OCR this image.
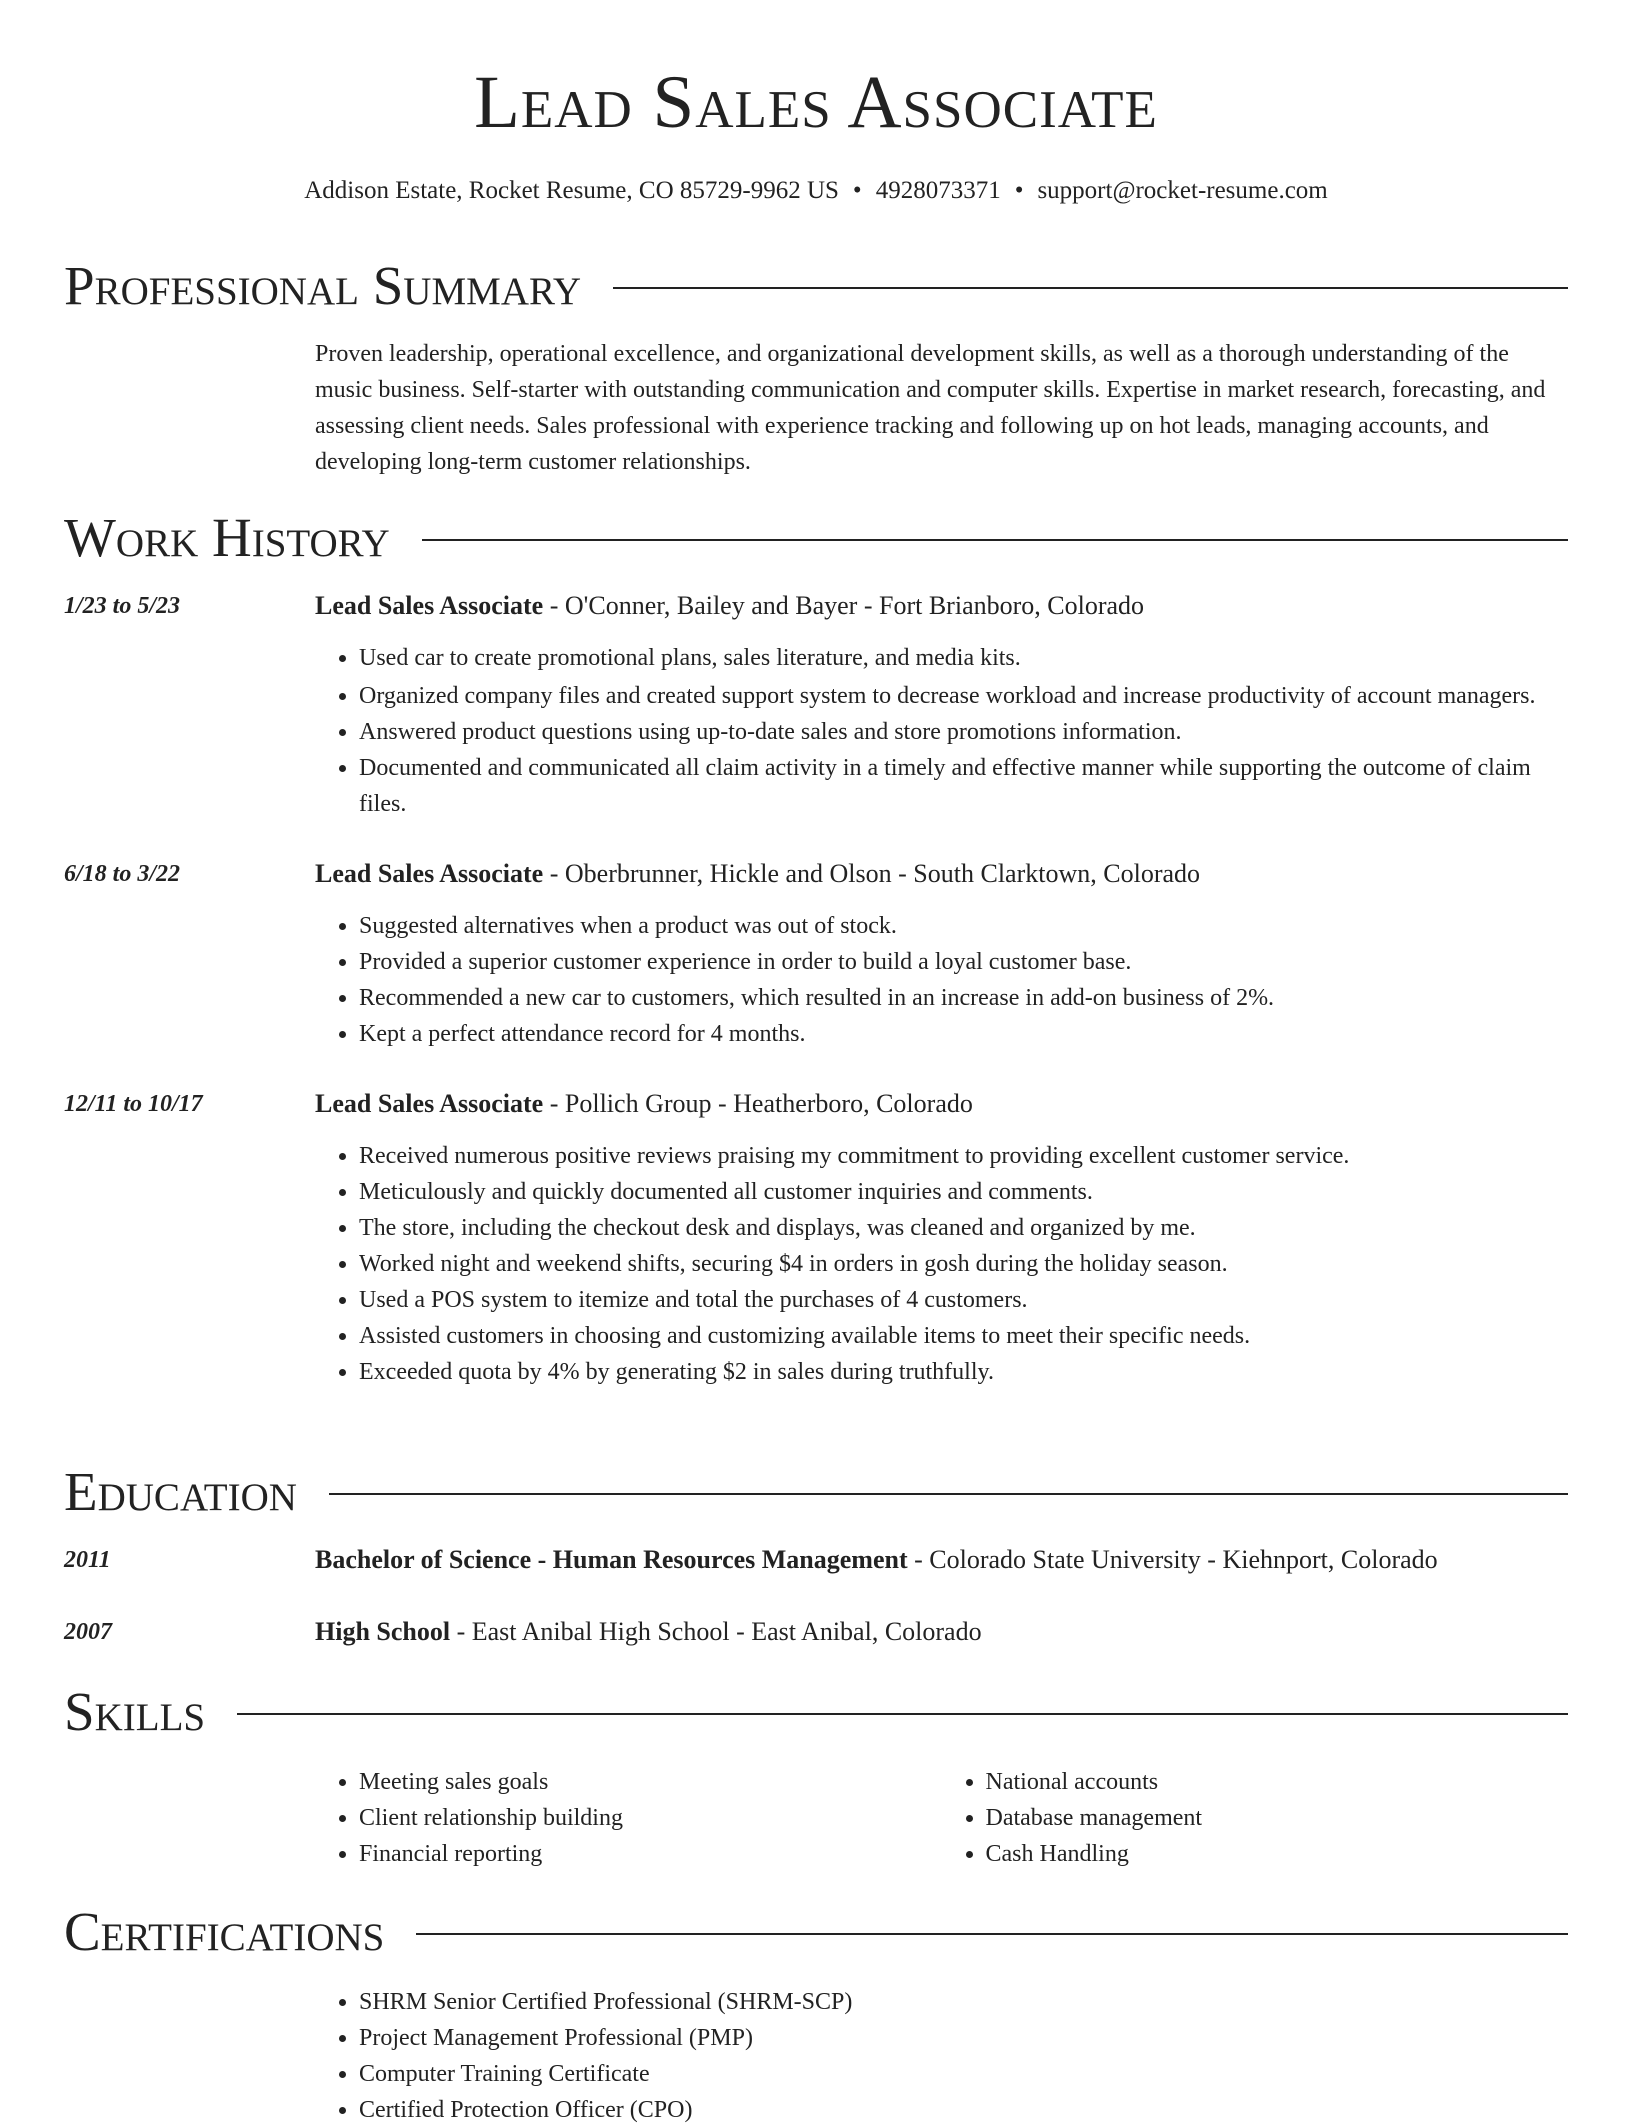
Lead Sales Associate
Addison Estate, Rocket Resume, CO 85729-9962 US • 4928073371 • support@rocket-resume.com
Professional Summary
Proven leadership, operational excellence, and organizational development skills, as well as a thorough understanding of the music business. Self-starter with outstanding communication and computer skills. Expertise in market research, forecasting, and assessing client needs. Sales professional with experience tracking and following up on hot leads, managing accounts, and developing long-term customer relationships.
Work History
1/23 to 5/23	Lead Sales Associate - O'Conner, Bailey and Bayer - Fort Brianboro, Colorado
• Used car to create promotional plans, sales literature, and media kits.
• Organized company files and created support system to decrease workload and increase productivity of account managers.
• Answered product questions using up-to-date sales and store promotions information.
• Documented and communicated all claim activity in a timely and effective manner while supporting the outcome of claim files.
6/18 to 3/22	Lead Sales Associate - Oberbrunner, Hickle and Olson - South Clarktown, Colorado
• Suggested alternatives when a product was out of stock.
• Provided a superior customer experience in order to build a loyal customer base.
• Recommended a new car to customers, which resulted in an increase in add-on business of 2%.
• Kept a perfect attendance record for 4 months.
12/11 to 10/17	Lead Sales Associate - Pollich Group - Heatherboro, Colorado
• Received numerous positive reviews praising my commitment to providing excellent customer service.
• Meticulously and quickly documented all customer inquiries and comments.
• The store, including the checkout desk and displays, was cleaned and organized by me.
• Worked night and weekend shifts, securing $4 in orders in gosh during the holiday season.
• Used a POS system to itemize and total the purchases of 4 customers.
• Assisted customers in choosing and customizing available items to meet their specific needs.
• Exceeded quota by 4% by generating $2 in sales during truthfully.
Education
2011	Bachelor of Science - Human Resources Management - Colorado State University - Kiehnport, Colorado
2007	High School - East Anibal High School - East Anibal, Colorado
Skills
• Meeting sales goals
• Client relationship building
• Financial reporting
• National accounts
• Database management
• Cash Handling
Certifications
• SHRM Senior Certified Professional (SHRM-SCP)
• Project Management Professional (PMP)
• Computer Training Certificate
• Certified Protection Officer (CPO)
